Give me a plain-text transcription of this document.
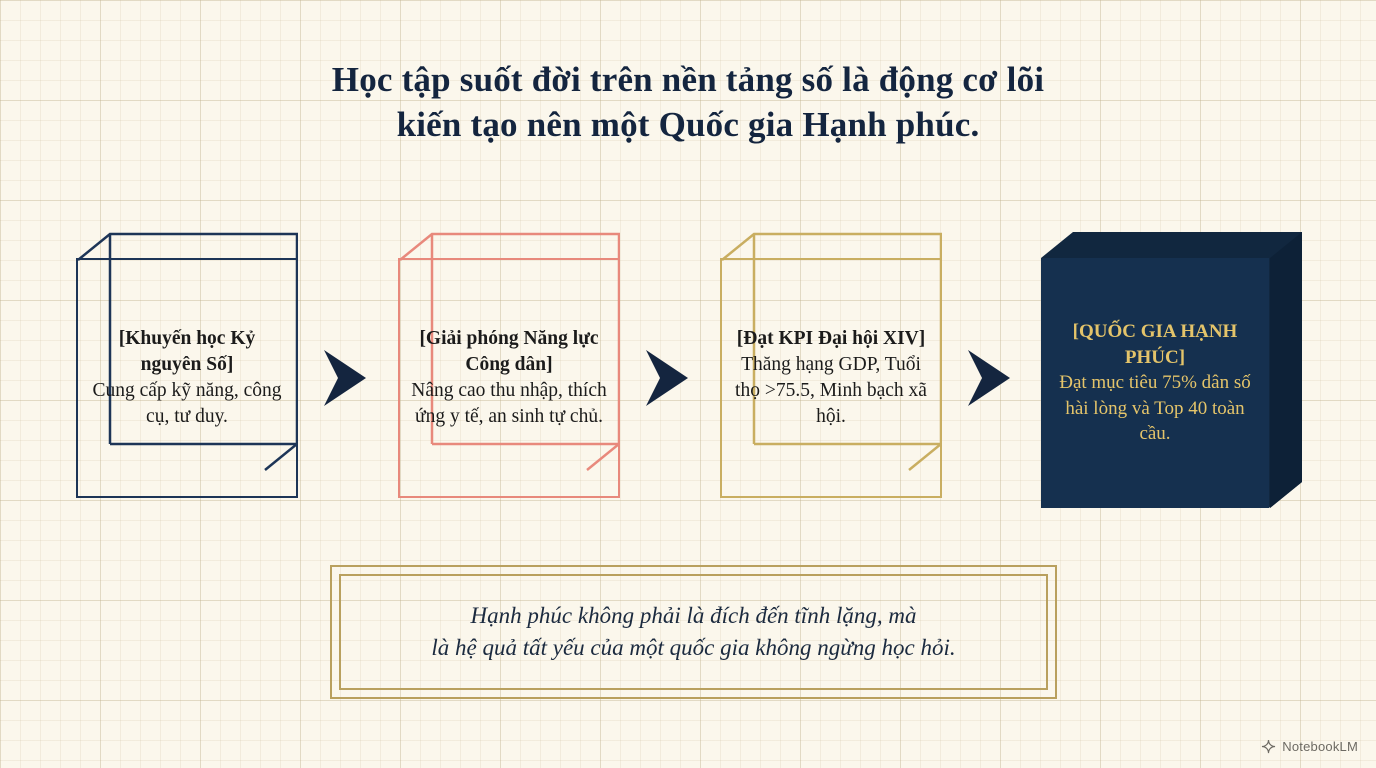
Học tập suốt đời trên nền tảng số là động cơ lõi
kiến tạo nên một Quốc gia Hạnh phúc.
[Khuyến học Kỷ nguyên Số]
Cung cấp kỹ năng, công cụ, tư duy.
[Giải phóng Năng lực Công dân]
Nâng cao thu nhập, thích ứng y tế, an sinh tự chủ.
[Đạt KPI Đại hội XIV]
Thăng hạng GDP, Tuổi thọ >75.5, Minh bạch xã hội.
[QUỐC GIA HẠNH PHÚC]
Đạt mục tiêu 75% dân số hài lòng và Top 40 toàn cầu.
Hạnh phúc không phải là đích đến tĩnh lặng, mà
là hệ quả tất yếu của một quốc gia không ngừng học hỏi.
NotebookLM
